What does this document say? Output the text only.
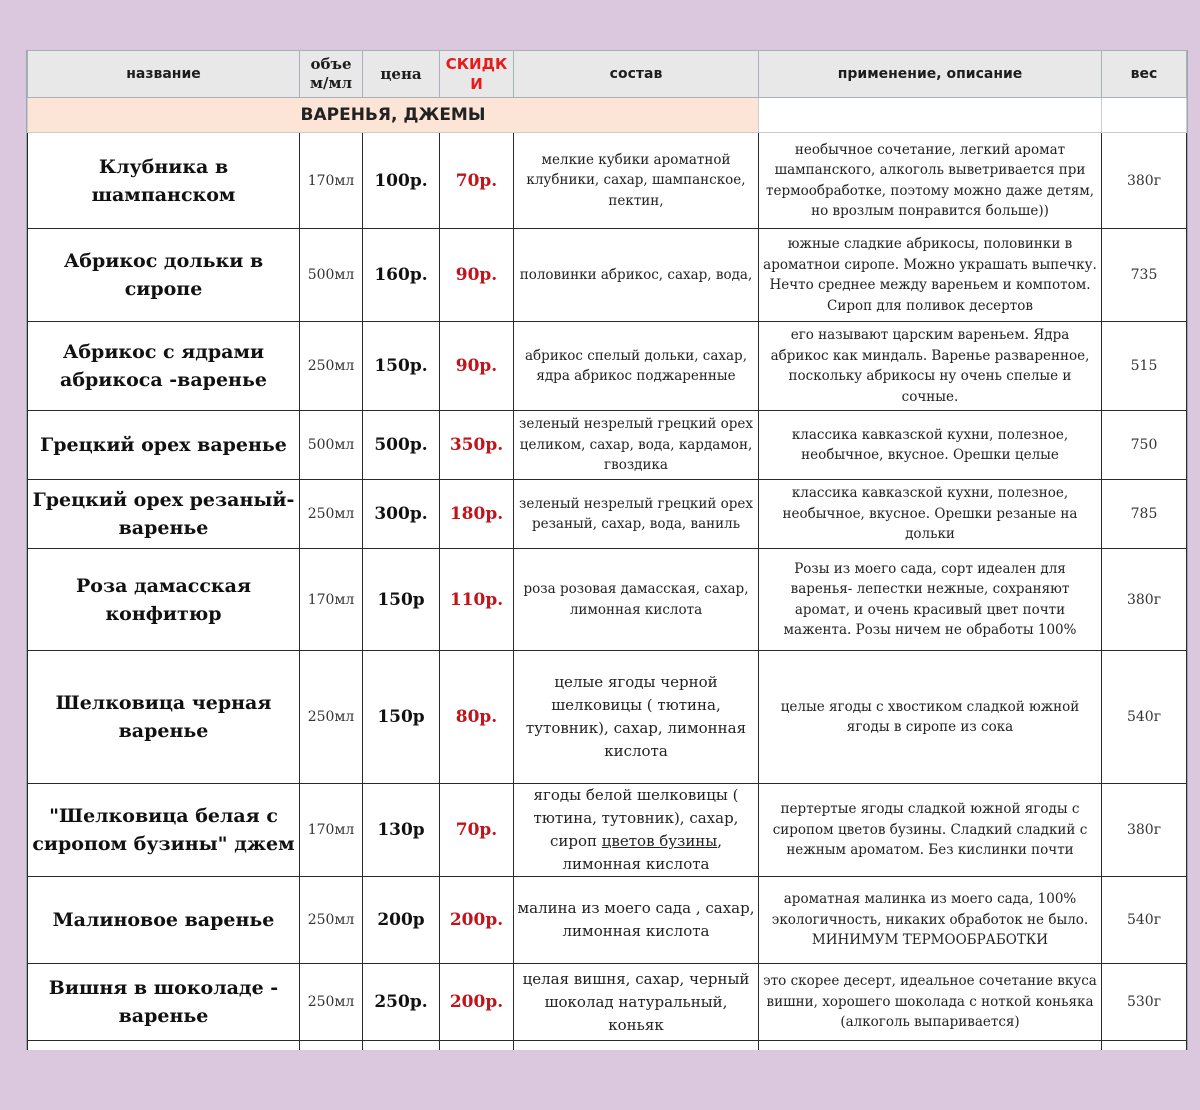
название	объе м/мл	цена	СКИДК И	состав	применение, описание	вес
ВАРЕНЬЯ, ДЖЕМЫ						
Клубника в шампанском	170мл	100р.	70р.	мелкие кубики ароматной клубники, сахар, шампанское, пектин,	необычное сочетание, легкий аромат шампанского, алкоголь выветривается при термообработке, поэтому можно даже детям, но врозлым понравится больше))	380г
Абрикос дольки в сиропе	500мл	160р.	90р.	половинки абрикос, сахар, вода,	южные сладкие абрикосы, половинки в ароматнои сиропе. Можно украшать выпечку. Нечто среднее между вареньем и компотом. Сироп для поливок десертов	735
Абрикос с ядрами абрикоса -варенье	250мл	150р.	90р.	абрикос спелый дольки, сахар, ядра абрикос поджаренные	его называют царским вареньем. Ядра абрикос как миндаль. Варенье разваренное, поскольку абрикосы ну очень спелые и сочные.	515
Грецкий орех варенье	500мл	500р.	350р.	зеленый незрелый грецкий орех целиком, сахар, вода, кардамон, гвоздика	классика кавказской кухни, полезное, необычное, вкусное. Орешки целые	750
Грецкий орех резаный-варенье	250мл	300р.	180р.	зеленый незрелый грецкий орех резаный, сахар, вода, ваниль	классика кавказской кухни, полезное, необычное, вкусное. Орешки резаные на дольки	785
Роза дамасская конфитюр	170мл	150р	110р.	роза розовая дамасская, сахар, лимонная кислота	Розы из моего сада, сорт идеален для варенья- лепестки нежные, сохраняют аромат, и очень красивый цвет почти мажента. Розы ничем не обработы 100%	380г
Шелковица черная варенье	250мл	150р	80р.	целые ягоды черной шелковицы ( тютина, тутовник), сахар, лимонная кислота	целые ягоды с хвостиком сладкой южной ягоды в сиропе из сока	540г
"Шелковица белая с сиропом бузины" джем	170мл	130р	70р.	ягоды белой шелковицы ( тютина, тутовник), сахар, сироп цветов бузины, лимонная кислота	пертертые ягоды сладкой южной ягоды с сиропом цветов бузины. Сладкий сладкий с нежным ароматом. Без кислинки почти	380г
Малиновое варенье	250мл	200р	200р.	малина из моего сада , сахар, лимонная кислота	ароматная малинка из моего сада, 100% экологичность, никаких обработок не было. МИНИМУМ ТЕРМООБРАБОТКИ	540г
Вишня в шоколаде - варенье	250мл	250р.	200р.	целая вишня, сахар, черный шоколад натуральный, коньяк	это скорее десерт, идеальное сочетание вкуса вишни, хорошего шоколада с ноткой коньяка (алкоголь выпаривается)	530г
